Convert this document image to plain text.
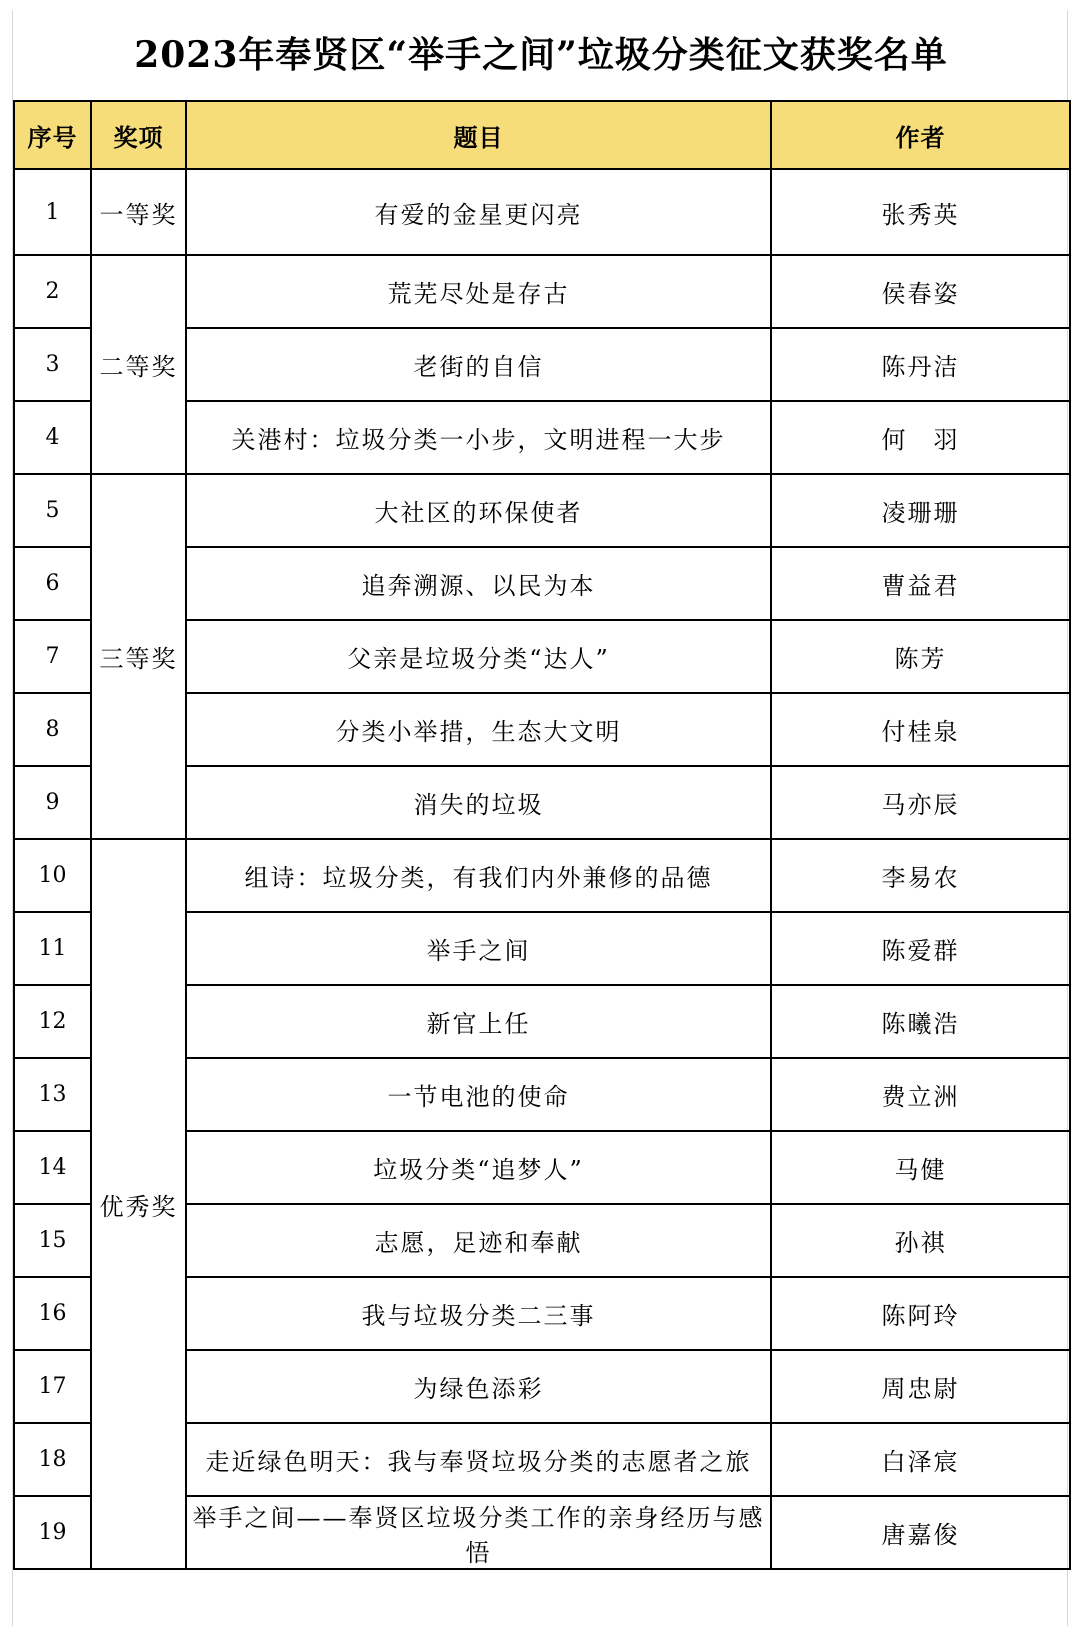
2023年奉贤区“举手之间”垃圾分类征文获奖名单
序号	奖项	题目	作者
1	一等奖	有爱的金星更闪亮	张秀英
2	二等奖	荒芜尽处是存古	侯春姿
3		老街的自信	陈丹洁
4		关港村：垃圾分类一小步，文明进程一大步	何　羽
5	三等奖	大社区的环保使者	凌珊珊
6		追奔溯源、以民为本	曹益君
7		父亲是垃圾分类“达人”	陈芳
8		分类小举措，生态大文明	付桂泉
9		消失的垃圾	马亦辰
10	优秀奖	组诗：垃圾分类，有我们内外兼修的品德	李易农
11		举手之间	陈爱群
12		新官上任	陈曦浩
13		一节电池的使命	费立洲
14		垃圾分类“追梦人”	马健
15		志愿，足迹和奉献	孙祺
16		我与垃圾分类二三事	陈阿玲
17		为绿色添彩	周忠尉
18		走近绿色明天：我与奉贤垃圾分类的志愿者之旅	白泽宸
19		举手之间——奉贤区垃圾分类工作的亲身经历与感悟	唐嘉俊
